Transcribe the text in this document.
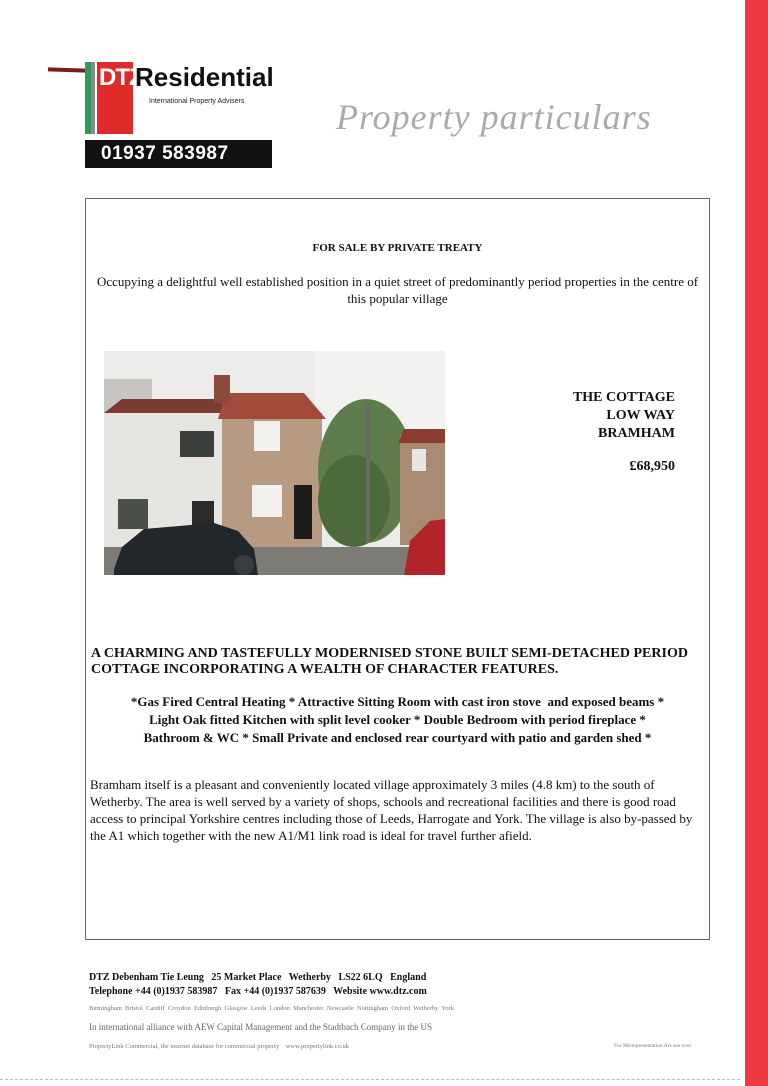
DTZ
Residential
International Property Advisers
01937 583987
Property particulars
FOR SALE BY PRIVATE TREATY
Occupying a delightful well established position in a quiet street of predominantly period properties in the centre of this popular village
THE COTTAGE
LOW WAY
BRAMHAM
£68,950
A CHARMING AND TASTEFULLY MODERNISED STONE BUILT SEMI-DETACHED PERIOD COTTAGE INCORPORATING A WEALTH OF CHARACTER FEATURES.
*Gas Fired Central Heating * Attractive Sitting Room with cast iron stove  and exposed beams *
Light Oak fitted Kitchen with split level cooker * Double Bedroom with period fireplace *
Bathroom & WC * Small Private and enclosed rear courtyard with patio and garden shed *
Bramham itself is a pleasant and conveniently located village approximately 3 miles (4.8 km) to the south of Wetherby. The area is well served by a variety of shops, schools and recreational facilities and there is good road access to principal Yorkshire centres including those of Leeds, Harrogate and York. The village is also by-passed by the A1 which together with the new A1/M1 link road is ideal for travel further afield.
DTZ Debenham Tie Leung   25 Market Place   Wetherby   LS22 6LQ   England
Telephone +44 (0)1937 583987   Fax +44 (0)1937 587639   Website www.dtz.com
Birmingham  Bristol  Cardiff  Croydon  Edinburgh  Glasgow  Leeds  London  Manchester  Newcastle  Nottingham  Oxford  Wetherby  York
In international alliance with AEW Capital Management and the Stadtbach Company in the US
PropertyLink Commercial, the internet database for commercial property    www.propertylink.co.uk	For Misrepresentation Act see over
